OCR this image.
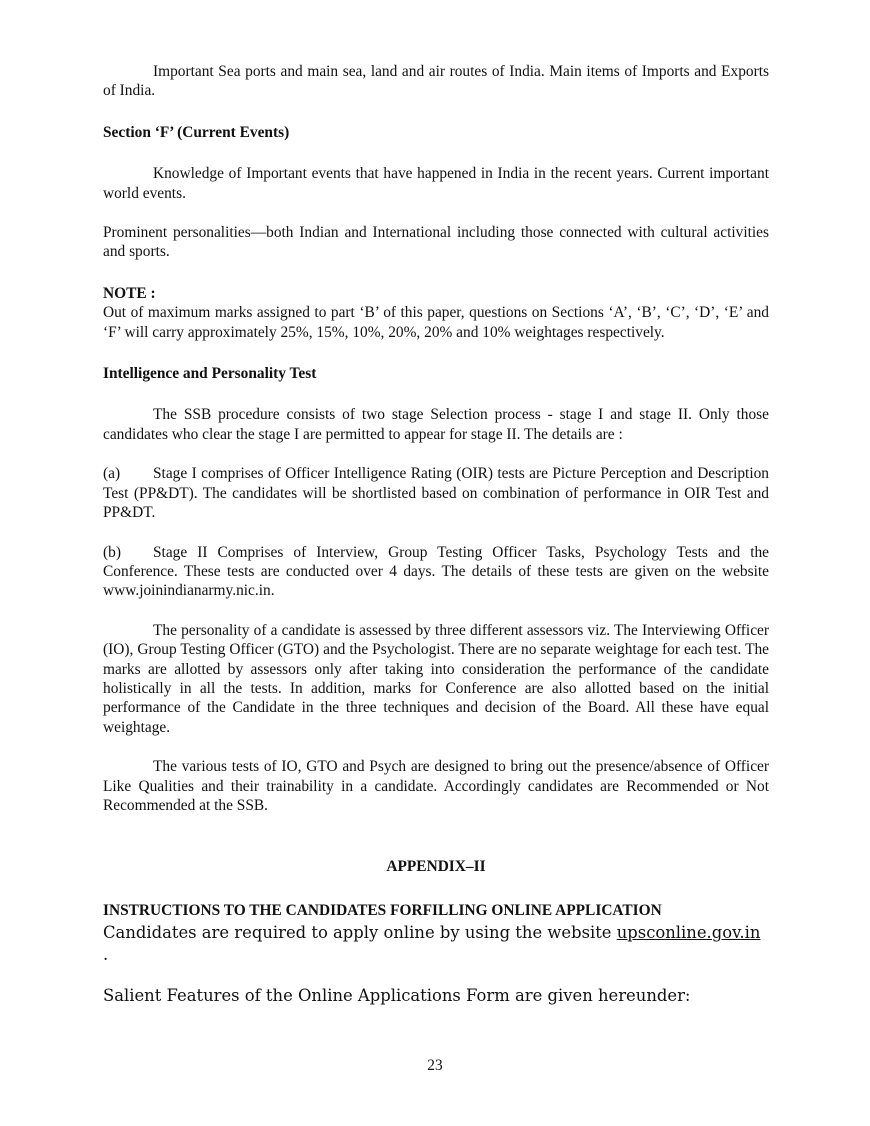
Important Sea ports and main sea, land and air routes of India. Main items of Imports and Exports of India.

Section ‘F’ (Current Events)

Knowledge of Important events that have happened in India in the recent years. Current important world events.

Prominent personalities—both Indian and International including those connected with cultural activities and sports.

NOTE :

Out of maximum marks assigned to part ‘B’ of this paper, questions on Sections ‘A’, ‘B’, ‘C’, ‘D’, ‘E’ and ‘F’ will carry approximately 25%, 15%, 10%, 20%, 20% and 10% weightages respectively.

Intelligence and Personality Test

The SSB procedure consists of two stage Selection process - stage I and stage II. Only those candidates who clear the stage I are permitted to appear for stage II. The details are :

(a) Stage I comprises of Officer Intelligence Rating (OIR) tests are Picture Perception and Description Test (PP&DT). The candidates will be shortlisted based on combination of performance in OIR Test and PP&DT.

(b) Stage II Comprises of Interview, Group Testing Officer Tasks, Psychology Tests and the Conference. These tests are conducted over 4 days. The details of these tests are given on the website www.joinindianarmy.nic.in.

The personality of a candidate is assessed by three different assessors viz. The Interviewing Officer (IO), Group Testing Officer (GTO) and the Psychologist. There are no separate weightage for each test. The marks are allotted by assessors only after taking into consideration the performance of the candidate holistically in all the tests. In addition, marks for Conference are also allotted based on the initial performance of the Candidate in the three techniques and decision of the Board. All these have equal weightage.

The various tests of IO, GTO and Psych are designed to bring out the presence/absence of Officer Like Qualities and their trainability in a candidate. Accordingly candidates are Recommended or Not Recommended at the SSB.

APPENDIX–II

INSTRUCTIONS TO THE CANDIDATES FORFILLING ONLINE APPLICATION

Candidates are required to apply online by using the website upsconline.gov.in .

Salient Features of the Online Applications Form are given hereunder:

23
